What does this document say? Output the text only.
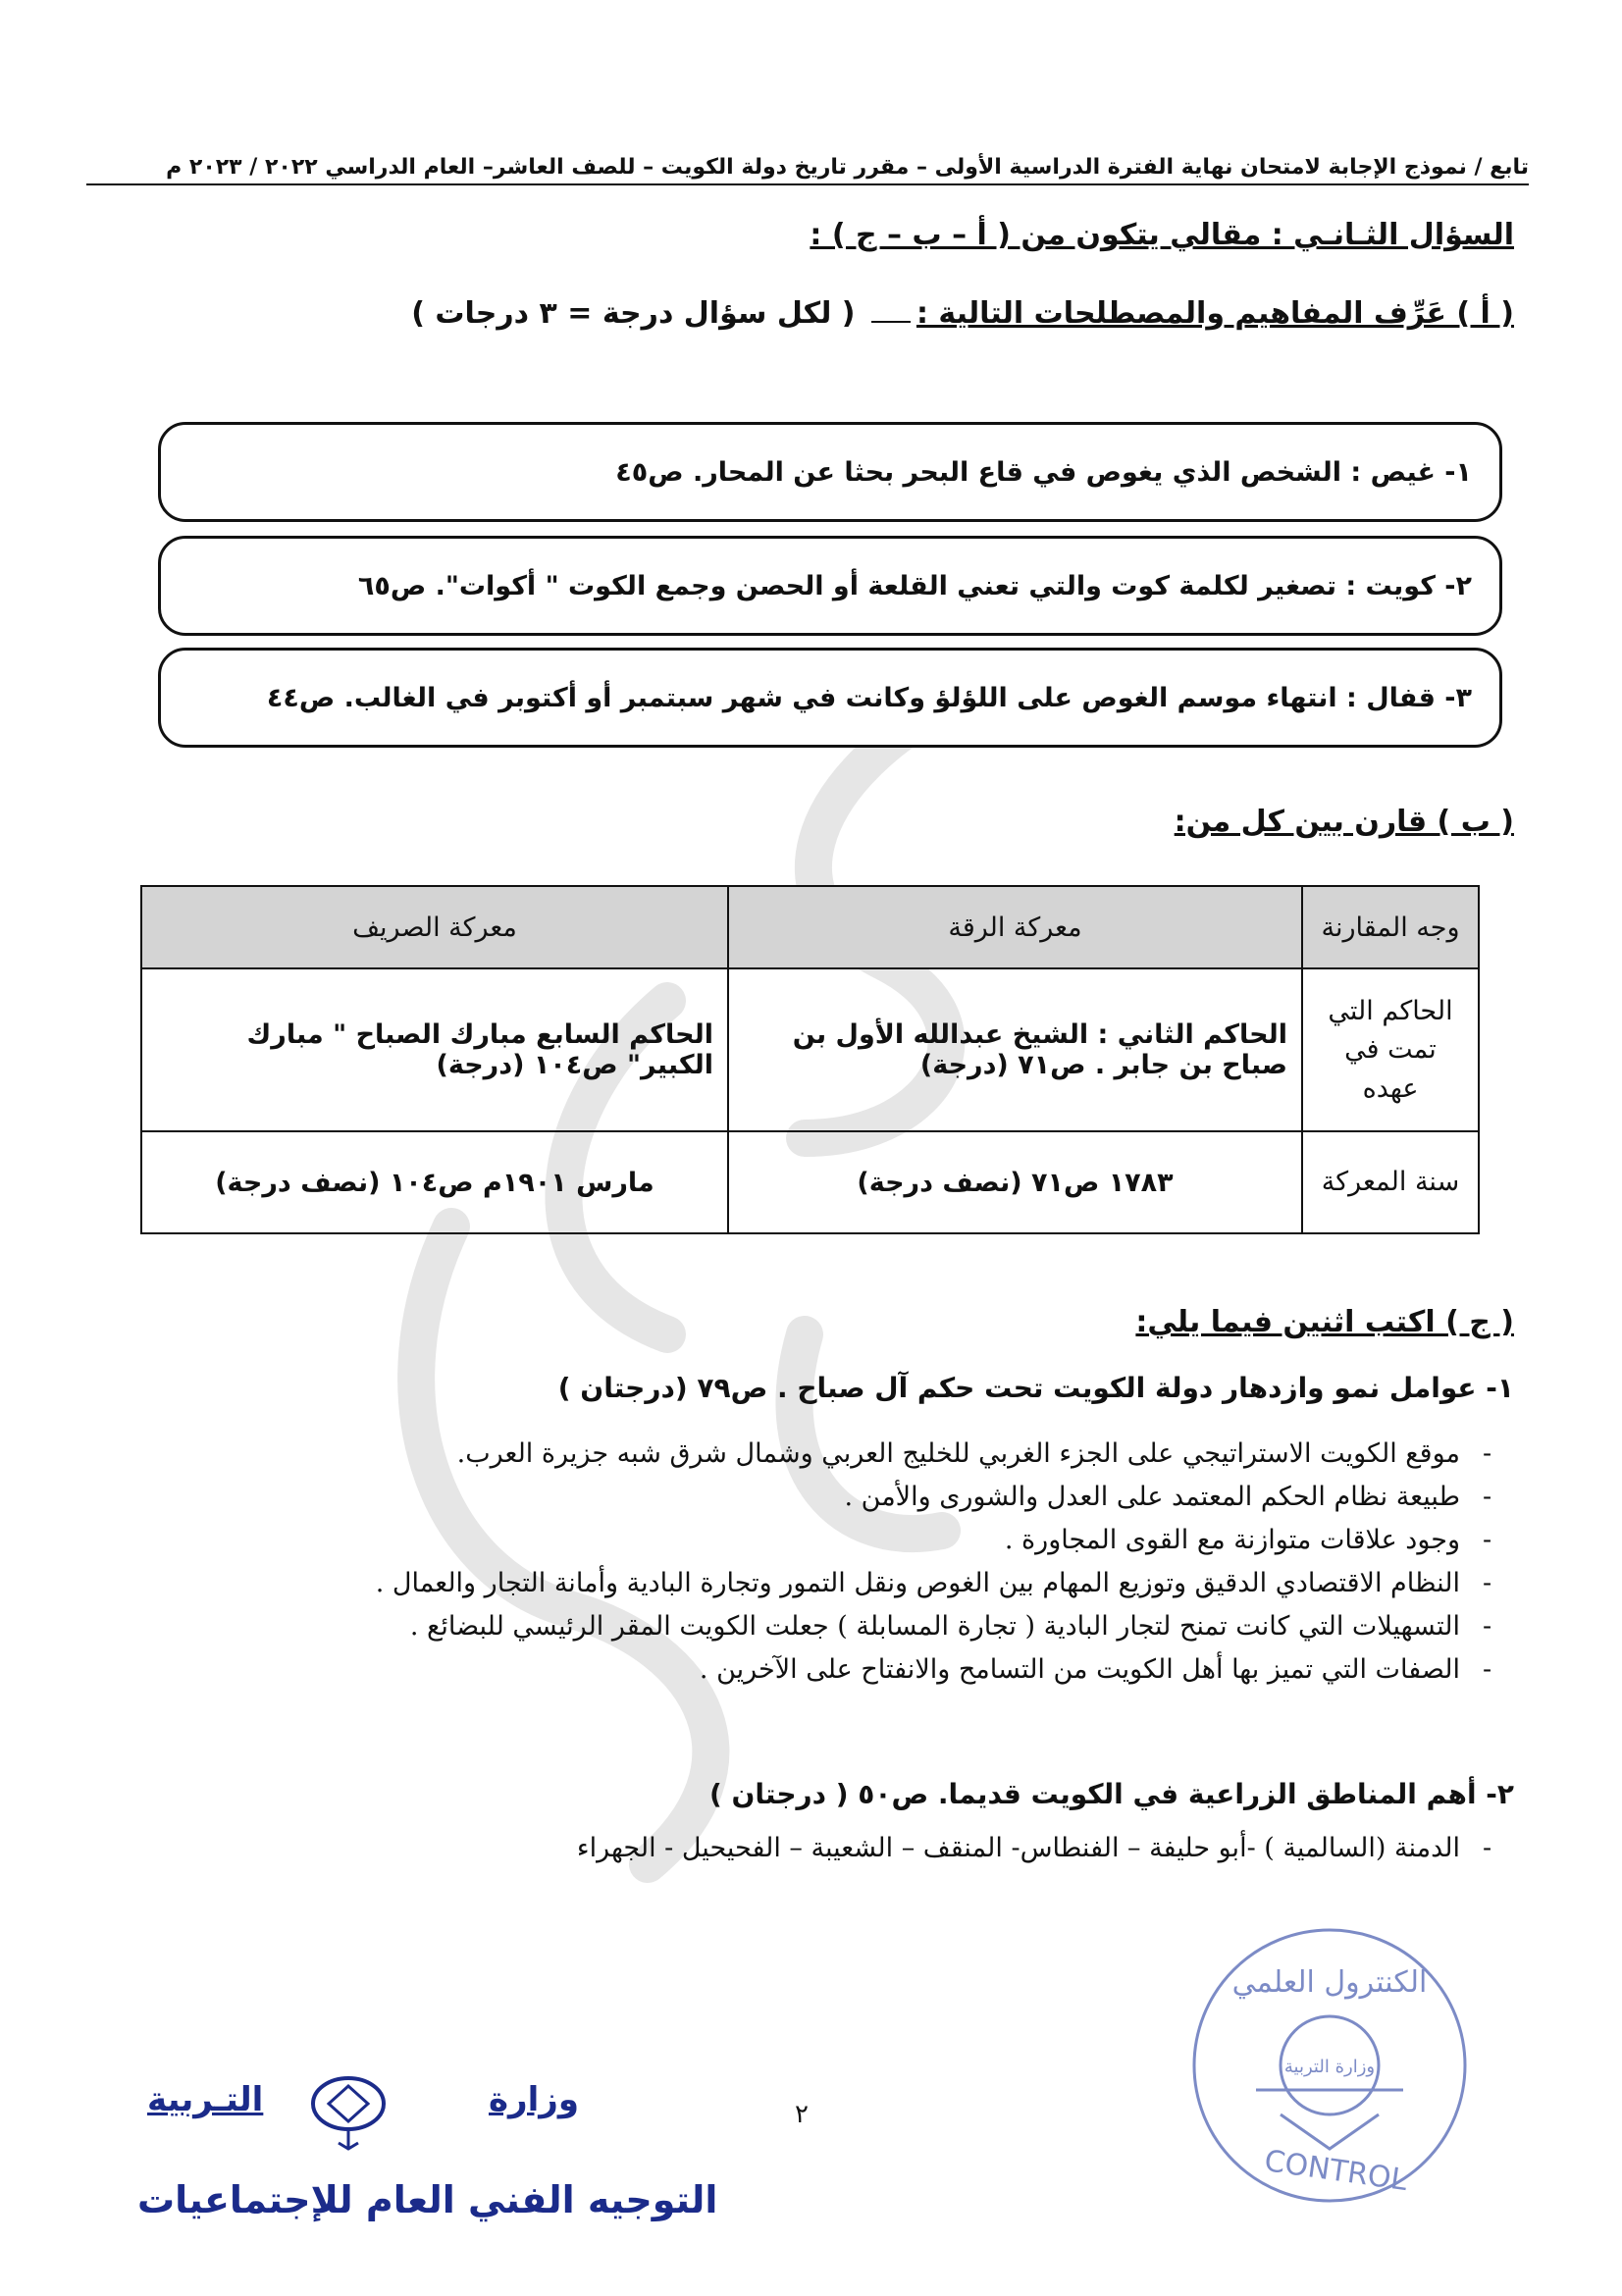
تابع / نموذج الإجابة لامتحان نهاية الفترة الدراسية الأولى – مقرر تاريخ دولة الكويت – للصف العاشر– العام الدراسي ٢٠٢٢ / ٢٠٢٣ م
السؤال الثـانـي : مقالي يتكون من ( أ – ب – ج ) :
( أ ) عَرِّف المفاهيم والمصطلحات التالية : ( لكل سؤال درجة = ٣ درجات )
١- غيص : الشخص الذي يغوص في قاع البحر بحثا عن المحار. ص٤٥
٢- كويت : تصغير لكلمة كوت والتي تعني القلعة أو الحصن وجمع الكوت " أكوات". ص٦٥
٣- قفال : انتهاء موسم الغوص على اللؤلؤ وكانت في شهر سبتمبر أو أكتوبر في الغالب. ص٤٤
( ب ) قارن بين كل من:
وجه المقارنة	معركة الرقة	معركة الصريف
الحاكم التي تمت في عهده	الحاكم الثاني : الشيخ عبدالله الأول بن صباح بن جابر . ص٧١ (درجة)	الحاكم السابع مبارك الصباح " مبارك الكبير" ص١٠٤ (درجة)
سنة المعركة	١٧٨٣ ص٧١ (نصف درجة)	مارس ١٩٠١م ص١٠٤ (نصف درجة)
( ج ) اكتب اثنين فيما يلي:
١- عوامل نمو وازدهار دولة الكويت تحت حكم آل صباح . ص٧٩ (درجتان )
-موقع الكويت الاستراتيجي على الجزء الغربي للخليج العربي وشمال شرق شبه جزيرة العرب.
-طبيعة نظام الحكم المعتمد على العدل والشورى والأمن .
-وجود علاقات متوازنة مع القوى المجاورة .
-النظام الاقتصادي الدقيق وتوزيع المهام بين الغوص ونقل التمور وتجارة البادية وأمانة التجار والعمال .
-التسهيلات التي كانت تمنح لتجار البادية ( تجارة المسابلة ) جعلت الكويت المقر الرئيسي للبضائع .
-الصفات التي تميز بها أهل الكويت من التسامح والانفتاح على الآخرين .
٢- أهم المناطق الزراعية في الكويت قديما. ص٥٠ ( درجتان )
-الدمنة (السالمية ) -أبو حليفة – الفنطاس- المنقف – الشعيبة – الفحيحيل - الجهراء
الكنترول العلمي
وزارة التربية
CONTROL
٢
وزارة
التـربية
التوجيه الفني العام للإجتماعيات
